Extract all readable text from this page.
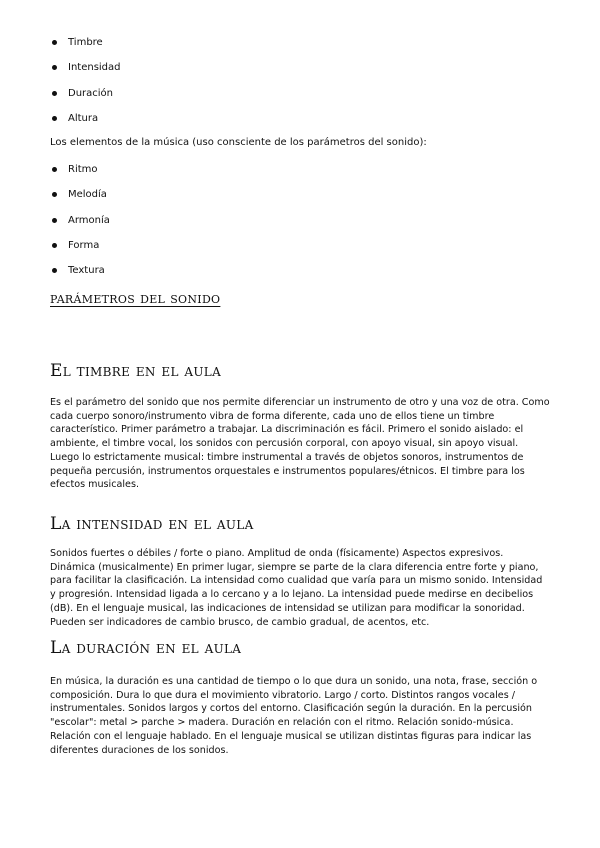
Timbre
Intensidad
Duración
Altura

Los elementos de la música (uso consciente de los parámetros del sonido):

Ritmo
Melodía
Armonía
Forma
Textura
parámetros del sonido
El timbre en el aula

Es el parámetro del sonido que nos permite diferenciar un instrumento de otro y una voz de otra. Como cada cuerpo sonoro/instrumento vibra de forma diferente, cada uno de ellos tiene un timbre característico. Primer parámetro a trabajar. La discriminación es fácil. Primero el sonido aislado: el ambiente, el timbre vocal, los sonidos con percusión corporal, con apoyo visual, sin apoyo visual. Luego lo estrictamente musical: timbre instrumental a través de objetos sonoros, instrumentos de pequeña percusión, instrumentos orquestales e instrumentos populares/étnicos. El timbre para los efectos musicales.

La intensidad en el aula

Sonidos fuertes o débiles / forte o piano. Amplitud de onda (físicamente) Aspectos expresivos. Dinámica (musicalmente) En primer lugar, siempre se parte de la clara diferencia entre forte y piano, para facilitar la clasificación. La intensidad como cualidad que varía para un mismo sonido. Intensidad y progresión. Intensidad ligada a lo cercano y a lo lejano. La intensidad puede medirse en decibelios (dB). En el lenguaje musical, las indicaciones de intensidad se utilizan para modificar la sonoridad. Pueden ser indicadores de cambio brusco, de cambio gradual, de acentos, etc.

La duración en el aula

En música, la duración es una cantidad de tiempo o lo que dura un sonido, una nota, frase, sección o composición. Dura lo que dura el movimiento vibratorio. Largo / corto. Distintos rangos vocales / instrumentales. Sonidos largos y cortos del entorno. Clasificación según la duración. En la percusión "escolar": metal > parche > madera. Duración en relación con el ritmo. Relación sonido-música. Relación con el lenguaje hablado. En el lenguaje musical se utilizan distintas figuras para indicar las diferentes duraciones de los sonidos.
